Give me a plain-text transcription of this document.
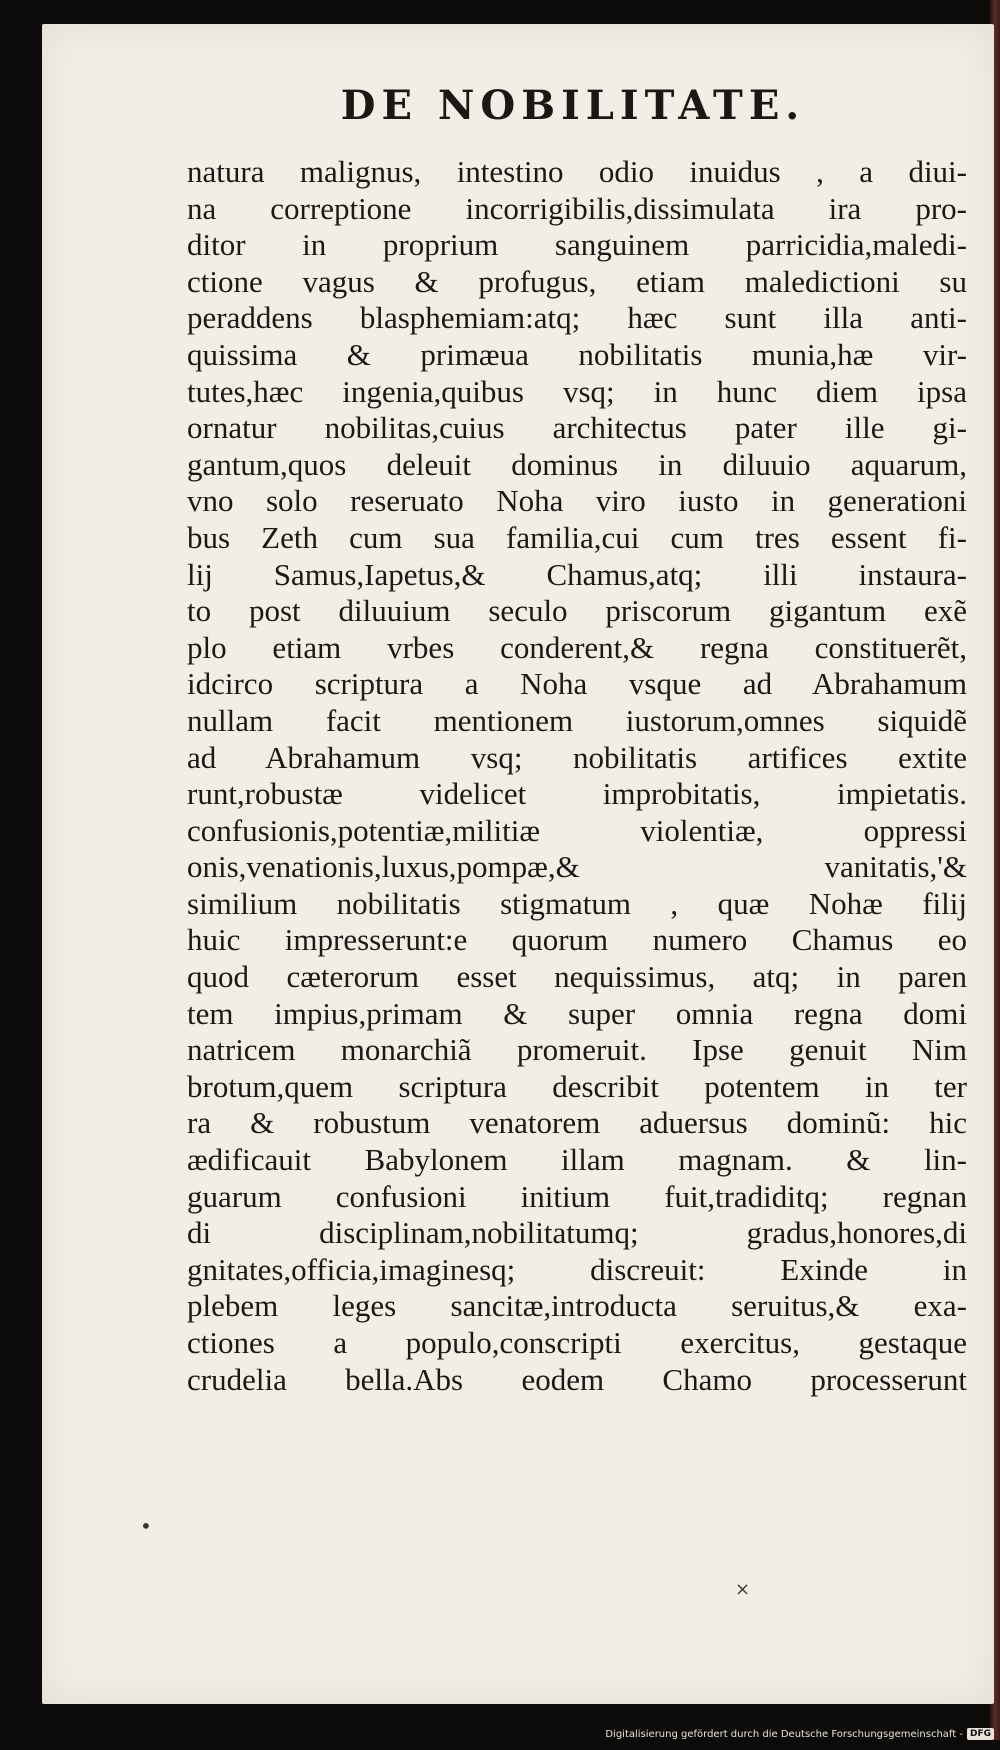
DE NOBILITATE.
natura malignus, intestino odio inuidus , a diui-
na correptione incorrigibilis,dissimulata ira pro-
ditor in proprium sanguinem parricidia,maledi-
ctione vagus & profugus, etiam maledictioni su
peraddens blasphemiam:atq; hæc sunt illa anti-
quissima & primæua nobilitatis munia,hæ vir-
tutes,hæc ingenia,quibus vsq; in hunc diem ipsa
ornatur nobilitas,cuius architectus pater ille gi-
gantum,quos deleuit dominus in diluuio aquarum,
vno solo reseruato Noha viro iusto in generationi
bus Zeth cum sua familia,cui cum tres essent fi-
lij Samus,Iapetus,& Chamus,atq; illi instaura-
to post diluuium seculo priscorum gigantum exẽ
plo etiam vrbes conderent,& regna constituerẽt,
idcirco scriptura a Noha vsque ad Abrahamum
nullam facit mentionem iustorum,omnes siquidẽ
ad Abrahamum vsq; nobilitatis artifices extite
runt,robustæ videlicet improbitatis, impietatis.
confusionis,potentiæ,militiæ violentiæ, oppressi
onis,venationis,luxus,pompæ,& vanitatis,'&
similium nobilitatis stigmatum , quæ Nohæ filij
huic impresserunt:e quorum numero Chamus eo
quod cæterorum esset nequissimus, atq; in paren
tem impius,primam & super omnia regna domi
natricem monarchiã promeruit. Ipse genuit Nim
brotum,quem scriptura describit potentem in ter
ra & robustum venatorem aduersus dominũ: hic
ædificauit Babylonem illam magnam. & lin-
guarum confusioni initium fuit,tradiditq; regnan
di disciplinam,nobilitatumq; gradus,honores,di
gnitates,officia,imaginesq; discreuit: Exinde in
plebem leges sancitæ,introducta seruitus,& exa-
ctiones a populo,conscripti exercitus, gestaque
crudelia bella.Abs eodem Chamo processerunt
•
×
Digitalisierung gefördert durch die Deutsche Forschungsgemeinschaft - DFG
